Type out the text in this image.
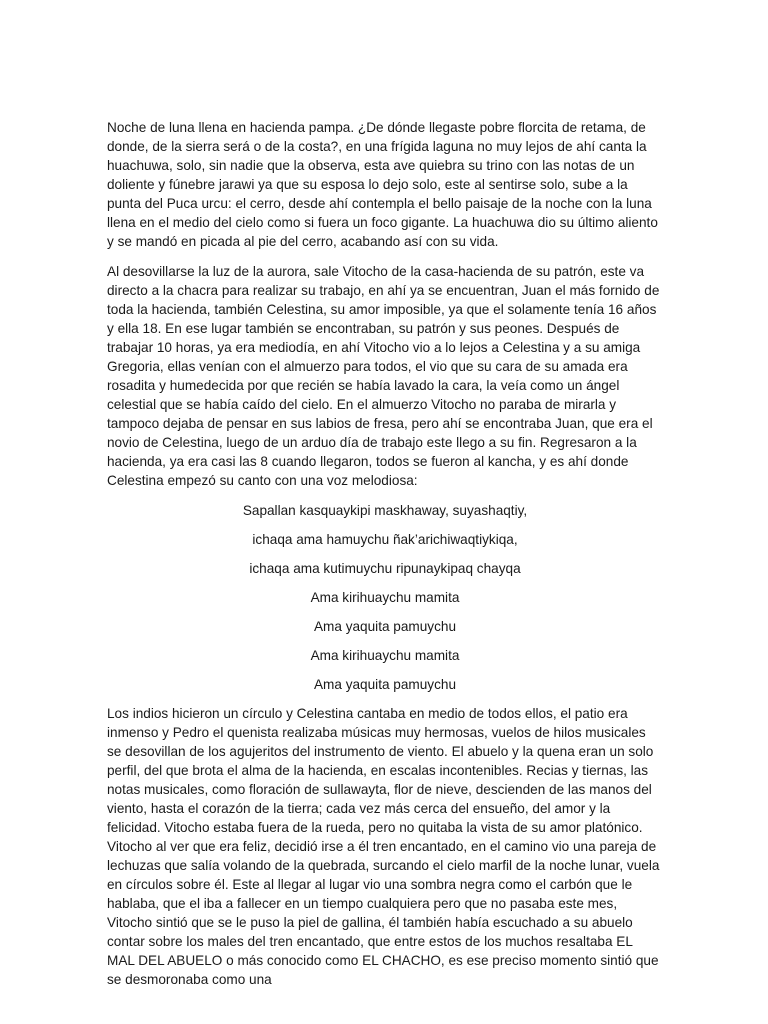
Noche de luna llena en hacienda pampa. ¿De dónde llegaste pobre florcita de retama, de donde, de la sierra será o de la costa?, en una frígida laguna no muy lejos de ahí canta la huachuwa, solo, sin nadie que la observa, esta ave quiebra su trino con las notas de un doliente y fúnebre jarawi ya que su esposa lo dejo solo, este al sentirse solo, sube a la punta del Puca urcu: el cerro, desde ahí contempla el bello paisaje de la noche con la luna llena en el medio del cielo como si fuera un foco gigante. La huachuwa dio su último aliento y se mandó en picada al pie del cerro, acabando así con su vida.

Al desovillarse la luz de la aurora, sale Vitocho de la casa-hacienda de su patrón, este va directo a la chacra para realizar su trabajo, en ahí ya se encuentran, Juan el más fornido de toda la hacienda, también Celestina, su amor imposible, ya que el solamente tenía 16 años y ella 18. En ese lugar también se encontraban, su patrón y sus peones. Después de trabajar 10 horas, ya era mediodía, en ahí Vitocho vio a lo lejos a Celestina y a su amiga Gregoria, ellas venían con el almuerzo para todos, el vio que su cara de su amada era rosadita y humedecida por que recién se había lavado la cara, la veía como un ángel celestial que se había caído del cielo. En el almuerzo Vitocho no paraba de mirarla y tampoco dejaba de pensar en sus labios de fresa, pero ahí se encontraba Juan, que era el novio de Celestina, luego de un arduo día de trabajo este llego a su fin. Regresaron a la hacienda, ya era casi las 8 cuando llegaron, todos se fueron al kancha, y es ahí donde Celestina empezó su canto con una voz melodiosa:

Sapallan kasquaykipi maskhaway, suyashaqtiy,
ichaqa ama hamuychu ñak’arichiwaqtiykiqa,
ichaqa ama kutimuychu ripunaykipaq chayqa
Ama kirihuaychu mamita
Ama yaquita pamuychu
Ama kirihuaychu mamita
Ama yaquita pamuychu

Los indios hicieron un círculo y Celestina cantaba en medio de todos ellos, el patio era inmenso y Pedro el quenista realizaba músicas muy hermosas, vuelos de hilos musicales se desovillan de los agujeritos del instrumento de viento. El abuelo y la quena eran un solo perfil, del que brota el alma de la hacienda, en escalas incontenibles. Recias y tiernas, las notas musicales, como floración de sullawayta, flor de nieve, descienden de las manos del viento, hasta el corazón de la tierra; cada vez más cerca del ensueño, del amor y la felicidad. Vitocho estaba fuera de la rueda, pero no quitaba la vista de su amor platónico. Vitocho al ver que era feliz, decidió irse a él tren encantado, en el camino vio una pareja de lechuzas que salía volando de la quebrada, surcando el cielo marfil de la noche lunar, vuela en círculos sobre él. Este al llegar al lugar vio una sombra negra como el carbón que le hablaba, que el iba a fallecer en un tiempo cualquiera pero que no pasaba este mes, Vitocho sintió que se le puso la piel de gallina, él también había escuchado a su abuelo contar sobre los males del tren encantado, que entre estos de los muchos resaltaba EL MAL DEL ABUELO o más conocido como EL CHACHO, es ese preciso momento sintió que se desmoronaba como una
